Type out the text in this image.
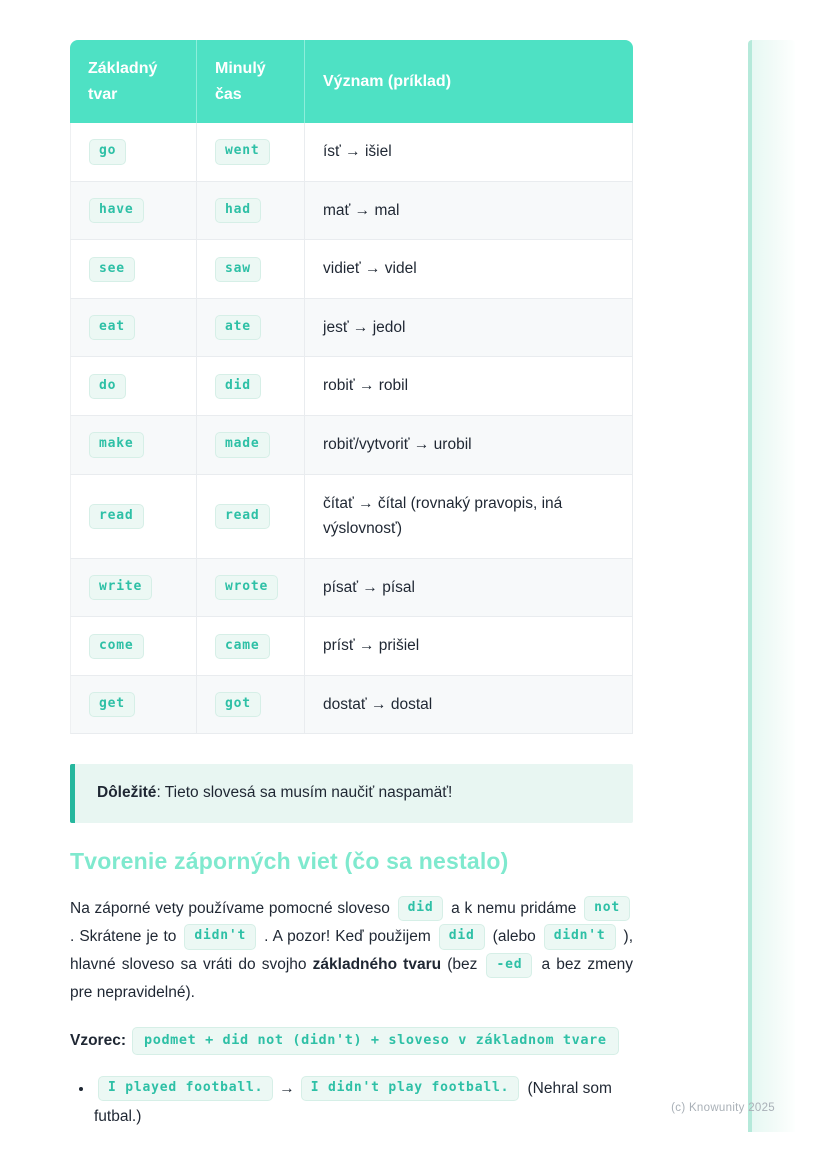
Základný tvar	Minulý čas	Význam (príklad)
go	went	ísť → išiel
have	had	mať → mal
see	saw	vidieť → videl
eat	ate	jesť → jedol
do	did	robiť → robil
make	made	robiť/vytvoriť → urobil
read	read	čítať → čítal (rovnaký pravopis, iná výslovnosť)
write	wrote	písať → písal
come	came	prísť → prišiel
get	got	dostať → dostal

Dôležité: Tieto slovesá sa musím naučiť naspamäť!

Tvorenie záporných viet (čo sa nestalo)

Na záporné vety používame pomocné sloveso did a k nemu pridáme not . Skrátene je to didn't . A pozor! Keď použijem did (alebo didn't ), hlavné sloveso sa vráti do svojho základného tvaru (bez -ed a bez zmeny pre nepravidelné).

Vzorec: podmet + did not (didn't) + sloveso v základnom tvare

• I played football. → I didn't play football. (Nehral som futbal.)
(c) Knowunity 2025
